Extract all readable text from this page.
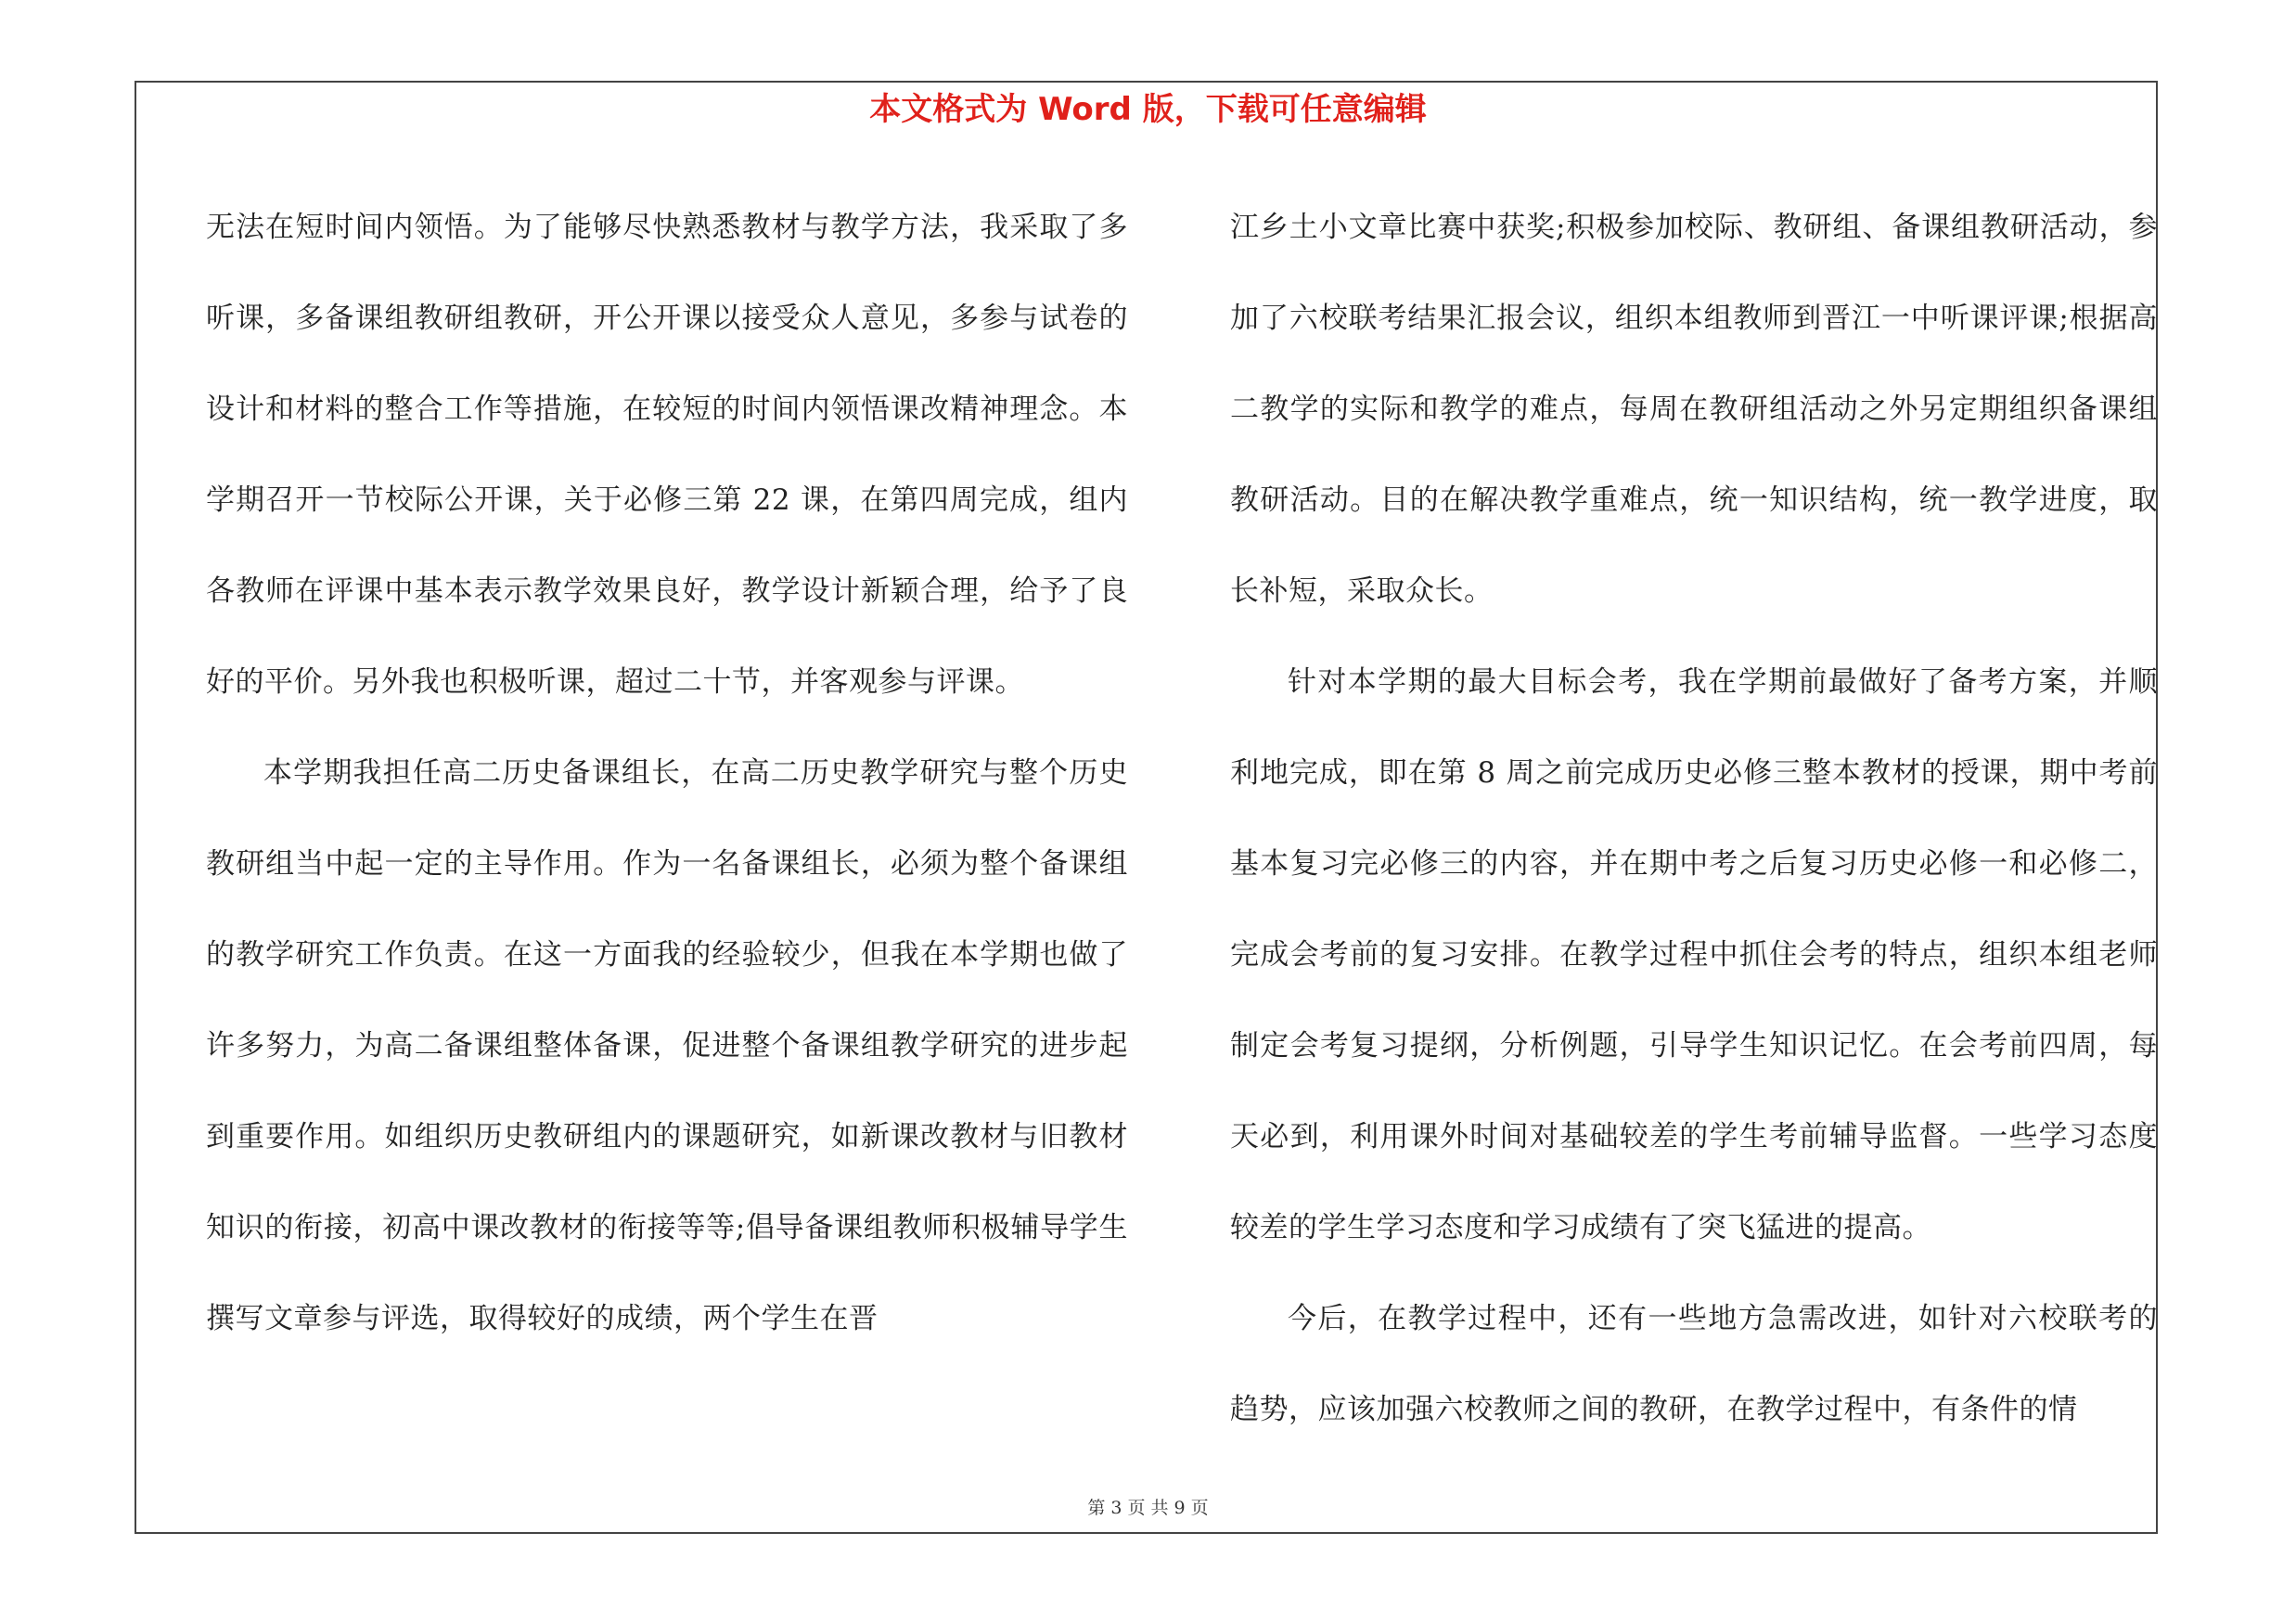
本文格式为 Word 版，下载可任意编辑

无法在短时间内领悟。为了能够尽快熟悉教材与教学方法，我采取了多听课，多备课组教研组教研，开公开课以接受众人意见，多参与试卷的设计和材料的整合工作等措施，在较短的时间内领悟课改精神理念。本学期召开一节校际公开课，关于必修三第 22 课，在第四周完成，组内各教师在评课中基本表示教学效果良好，教学设计新颖合理，给予了良好的平价。另外我也积极听课，超过二十节，并客观参与评课。

本学期我担任高二历史备课组长，在高二历史教学研究与整个历史教研组当中起一定的主导作用。作为一名备课组长，必须为整个备课组的教学研究工作负责。在这一方面我的经验较少，但我在本学期也做了许多努力，为高二备课组整体备课，促进整个备课组教学研究的进步起到重要作用。如组织历史教研组内的课题研究，如新课改教材与旧教材知识的衔接，初高中课改教材的衔接等等;倡导备课组教师积极辅导学生撰写文章参与评选，取得较好的成绩，两个学生在晋

江乡土小文章比赛中获奖;积极参加校际、教研组、备课组教研活动，参加了六校联考结果汇报会议，组织本组教师到晋江一中听课评课;根据高二教学的实际和教学的难点，每周在教研组活动之外另定期组织备课组教研活动。目的在解决教学重难点，统一知识结构，统一教学进度，取长补短，采取众长。

针对本学期的最大目标会考，我在学期前最做好了备考方案，并顺利地完成，即在第 8 周之前完成历史必修三整本教材的授课，期中考前基本复习完必修三的内容，并在期中考之后复习历史必修一和必修二，完成会考前的复习安排。在教学过程中抓住会考的特点，组织本组老师制定会考复习提纲，分析例题，引导学生知识记忆。在会考前四周，每天必到，利用课外时间对基础较差的学生考前辅导监督。一些学习态度较差的学生学习态度和学习成绩有了突飞猛进的提高。

今后，在教学过程中，还有一些地方急需改进，如针对六校联考的趋势，应该加强六校教师之间的教研，在教学过程中，有条件的情

第 3 页 共 9 页
